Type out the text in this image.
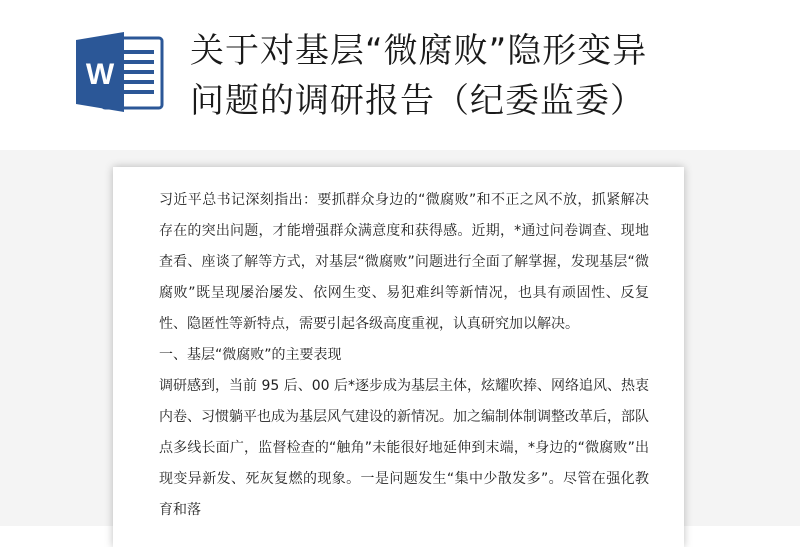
W
关于对基层“微腐败”隐形变异
问题的调研报告（纪委监委）

习近平总书记深刻指出：要抓群众身边的“微腐败”和不正之风不放，抓紧解决存在的突出问题，才能增强群众满意度和获得感。近期，*通过问卷调查、现地查看、座谈了解等方式，对基层“微腐败”问题进行全面了解掌握，发现基层“微腐败”既呈现屡治屡发、依网生变、易犯难纠等新情况，也具有顽固性、反复性、隐匿性等新特点，需要引起各级高度重视，认真研究加以解决。

一、基层“微腐败”的主要表现

调研感到，当前 95 后、00 后*逐步成为基层主体，炫耀吹捧、网络追风、热衷内卷、习惯躺平也成为基层风气建设的新情况。加之编制体制调整改革后，部队点多线长面广，监督检查的“触角”未能很好地延伸到末端，*身边的“微腐败”出现变异新发、死灰复燃的现象。一是问题发生“集中少散发多”。尽管在强化教育和落
